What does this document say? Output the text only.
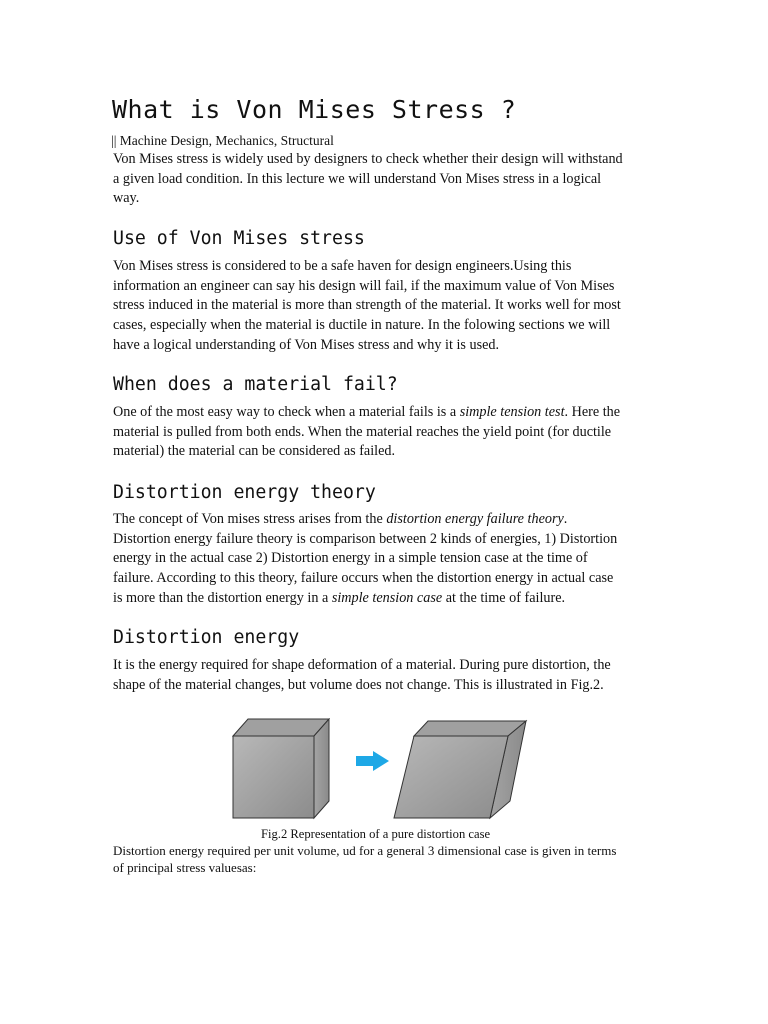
What is Von Mises Stress ?
|| Machine Design, Mechanics, Structural

Von Mises stress is widely used by designers to check whether their design will withstand
a given load condition. In this lecture we will understand Von Mises stress in a logical
way.

Use of Von Mises stress

Von Mises stress is considered to be a safe haven for design engineers.Using this
information an engineer can say his design will fail, if the maximum value of Von Mises
stress induced in the material is more than strength of the material. It works well for most
cases, especially when the material is ductile in nature. In the folowing sections we will
have a logical understanding of Von Mises stress and why it is used.

When does a material fail?

One of the most easy way to check when a material fails is a simple tension test. Here the
material is pulled from both ends. When the material reaches the yield point (for ductile
material) the material can be considered as failed.

Distortion energy theory

The concept of Von mises stress arises from the distortion energy failure theory.
Distortion energy failure theory is comparison between 2 kinds of energies, 1) Distortion
energy in the actual case 2) Distortion energy in a simple tension case at the time of
failure. According to this theory, failure occurs when the distortion energy in actual case
is more than the distortion energy in a simple tension case at the time of failure.

Distortion energy

It is the energy required for shape deformation of a material. During pure distortion, the
shape of the material changes, but volume does not change. This is illustrated in Fig.2.

Fig.2 Representation of a pure distortion case

Distortion energy required per unit volume, ud for a general 3 dimensional case is given in terms
of principal stress valuesas:
